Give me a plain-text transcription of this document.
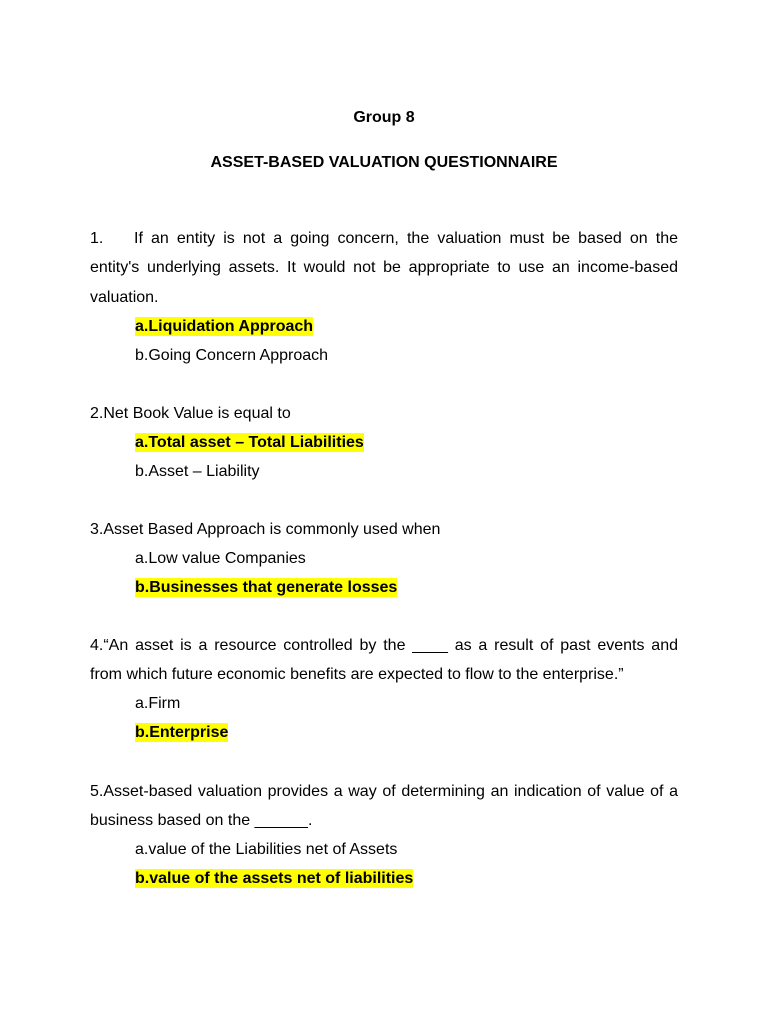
Group 8
ASSET-BASED VALUATION QUESTIONNAIRE
1.	If an entity is not a going concern, the valuation must be based on the
entity's underlying assets. It would not be appropriate to use an income-based valuation.
a.Liquidation Approach
b.Going Concern Approach
2.Net Book Value is equal to
a.Total asset – Total Liabilities
b.Asset – Liability
3.Asset Based Approach is commonly used when
a.Low value Companies
b.Businesses that generate losses
4.“An asset is a resource controlled by the ____ as a result of past events and from which future economic benefits are expected to flow to the enterprise.”
a.Firm
b.Enterprise
5.Asset-based valuation provides a way of determining an indication of value of a business based on the ______.
a.value of the Liabilities net of Assets
b.value of the assets net of liabilities
